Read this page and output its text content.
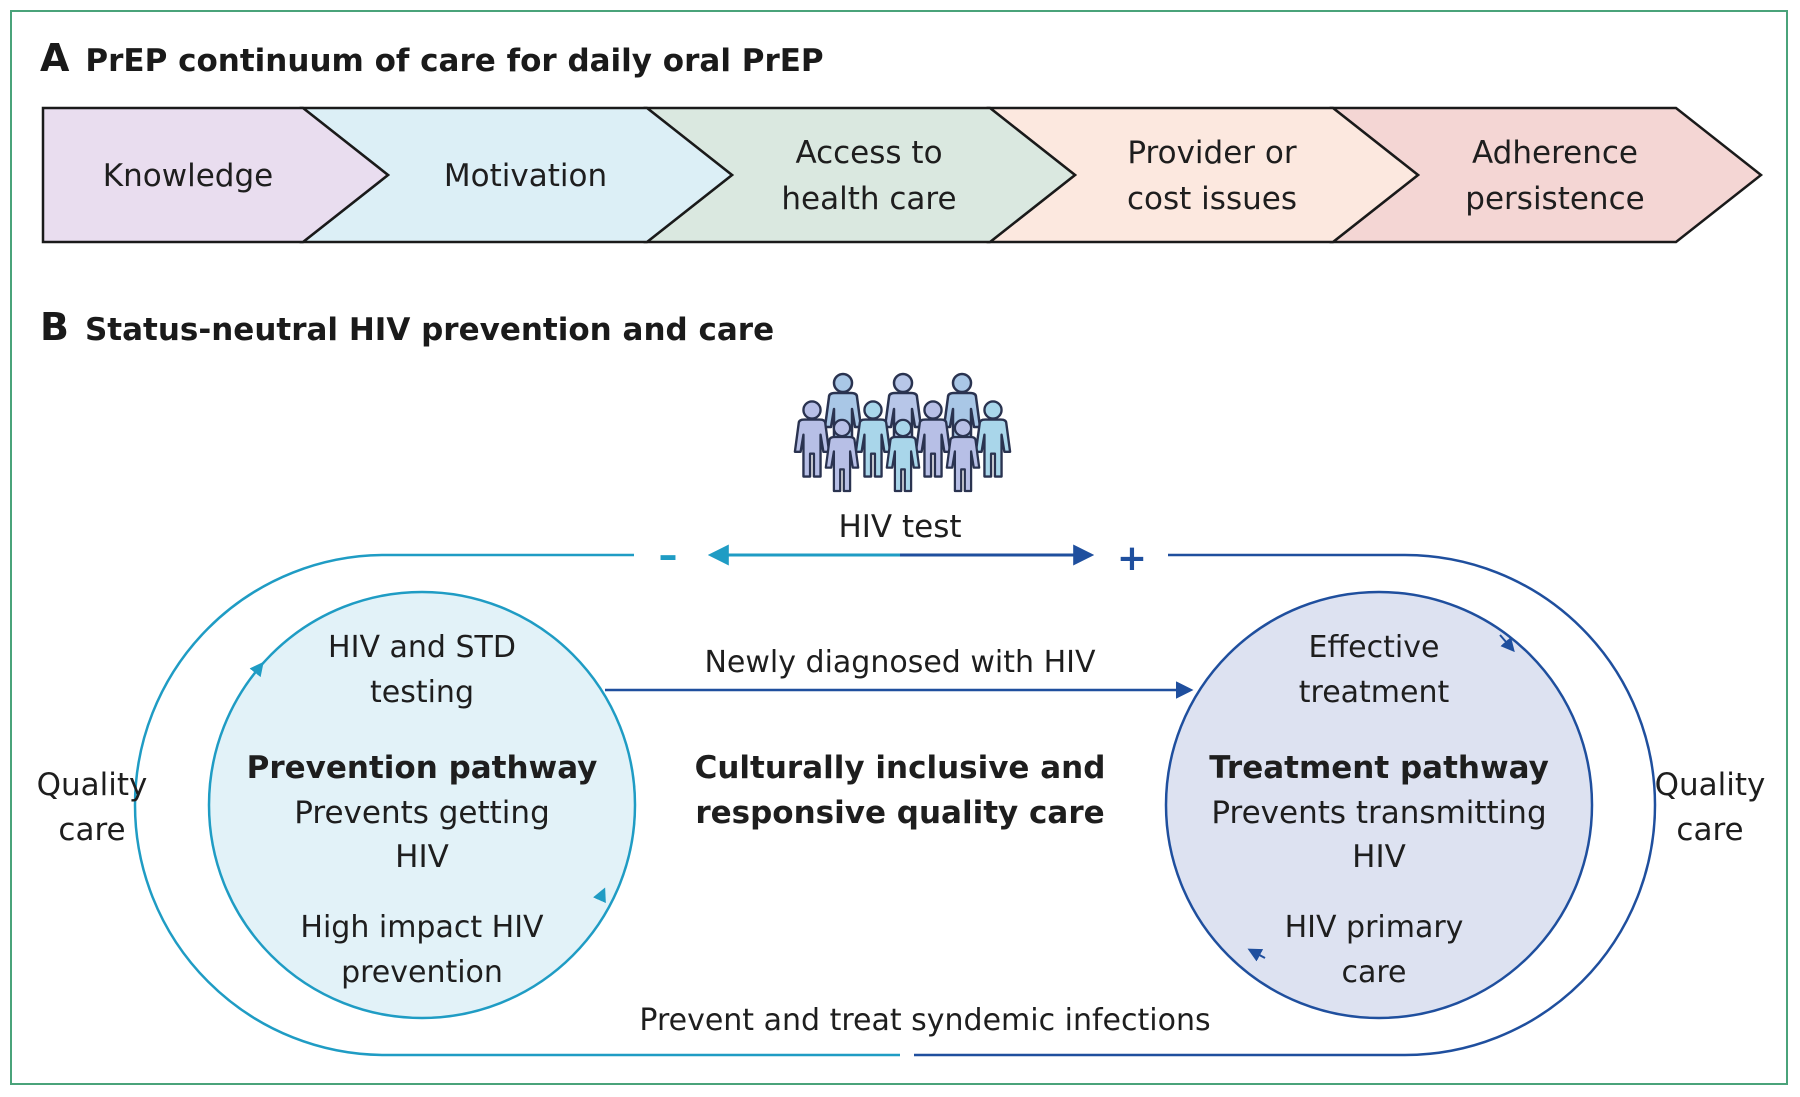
A PrEP continuum of care for daily oral PrEP
B Status-neutral HIV prevention and care
Knowledge	Motivation
Access to
health care
Provider or
cost issues
Adherence
persistence
HIV test
–	+
Newly diagnosed with HIV
Culturally inclusive and
responsive quality care
Quality
care
Quality
care
HIV and STD
testing
Prevention pathway
Prevents getting
HIV
High impact HIV
prevention
Effective
treatment
Treatment pathway
Prevents transmitting
HIV
HIV primary
care
Prevent and treat syndemic infections
